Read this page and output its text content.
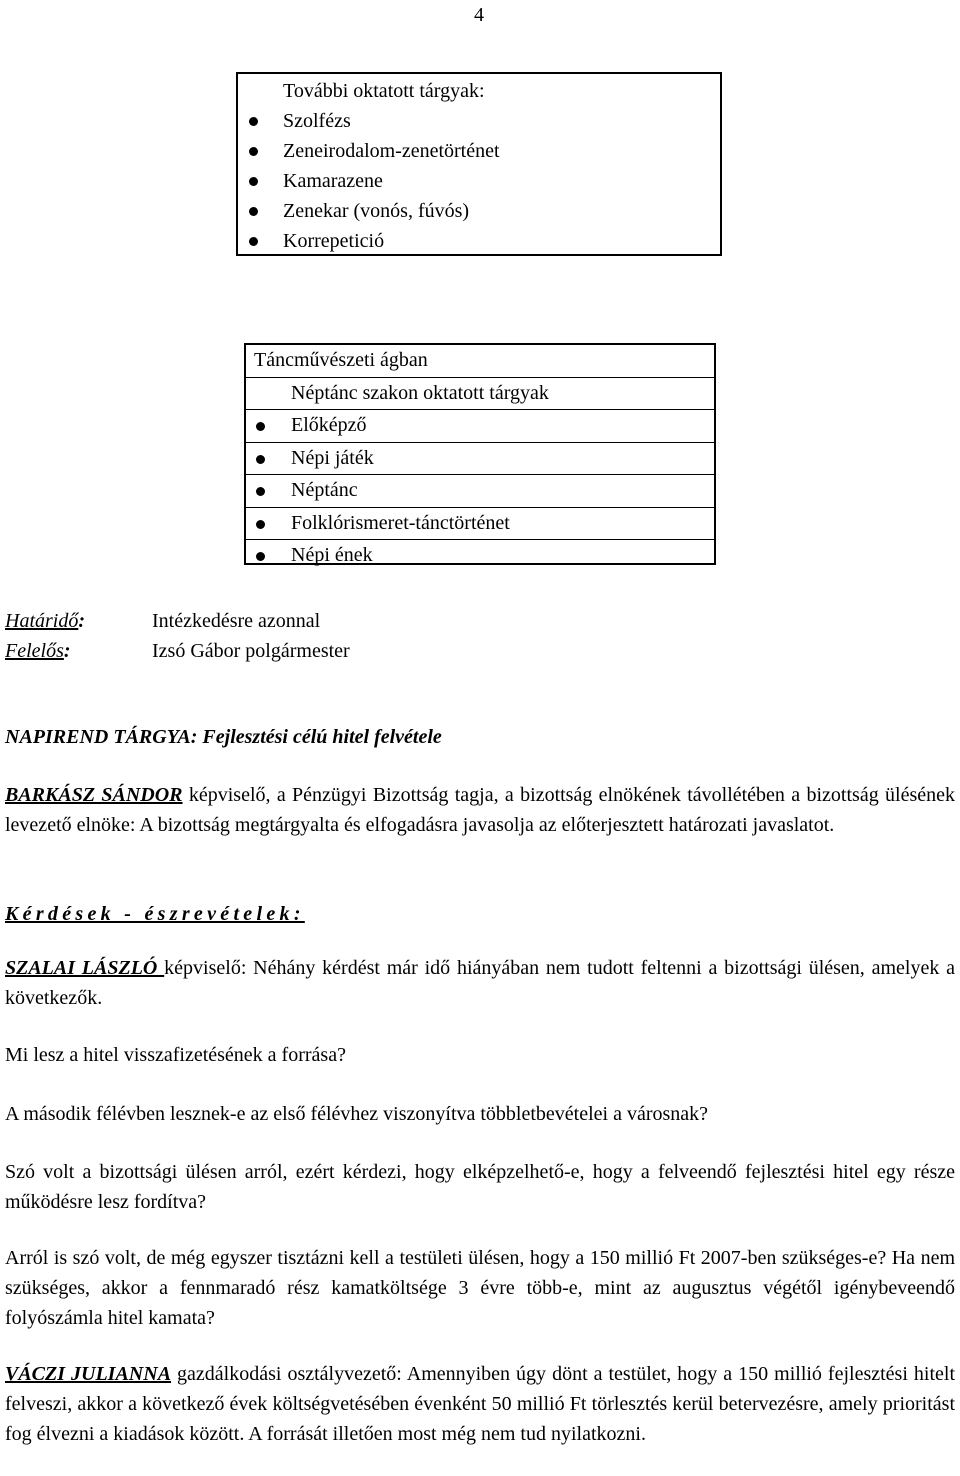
4
További oktatott tárgyak:
Szolfézs
Zeneirodalom-zenetörténet
Kamarazene
Zenekar (vonós, fúvós)
Korrepetició
Táncművészeti ágban
Néptánc szakon oktatott tárgyak
Előképző
Népi játék
Néptánc
Folklórismeret-tánctörténet
Népi ének
Határidő:	Intézkedésre azonnal
Felelős:	Izsó Gábor polgármester
NAPIREND TÁRGYA: Fejlesztési célú hitel felvétele
BARKÁSZ SÁNDOR képviselő, a Pénzügyi Bizottság tagja, a bizottság elnökének távollétében a bizottság ülésének levezető elnöke: A bizottság megtárgyalta és elfogadásra javasolja az előterjesztett határozati javaslatot.
Kérdések - észrevételek:
SZALAI LÁSZLÓ képviselő: Néhány kérdést már idő hiányában nem tudott feltenni a bizottsági ülésen, amelyek a következők.
Mi lesz a hitel visszafizetésének a forrása?
A második félévben lesznek-e az első félévhez viszonyítva többletbevételei a városnak?
Szó volt a bizottsági ülésen arról, ezért kérdezi, hogy elképzelhető-e, hogy a felveendő fejlesztési hitel egy része működésre lesz fordítva?
Arról is szó volt, de még egyszer tisztázni kell a testületi ülésen, hogy a 150 millió Ft 2007-ben szükséges-e? Ha nem szükséges, akkor a fennmaradó rész kamatköltsége 3 évre több-e, mint az augusztus végétől igénybeveendő folyószámla hitel kamata?
VÁCZI JULIANNA gazdálkodási osztályvezető: Amennyiben úgy dönt a testület, hogy a 150 millió fejlesztési hitelt felveszi, akkor a következő évek költségvetésében évenként 50 millió Ft törlesztés kerül betervezésre, amely prioritást fog élvezni a kiadások között. A forrását illetően most még nem tud nyilatkozni.
